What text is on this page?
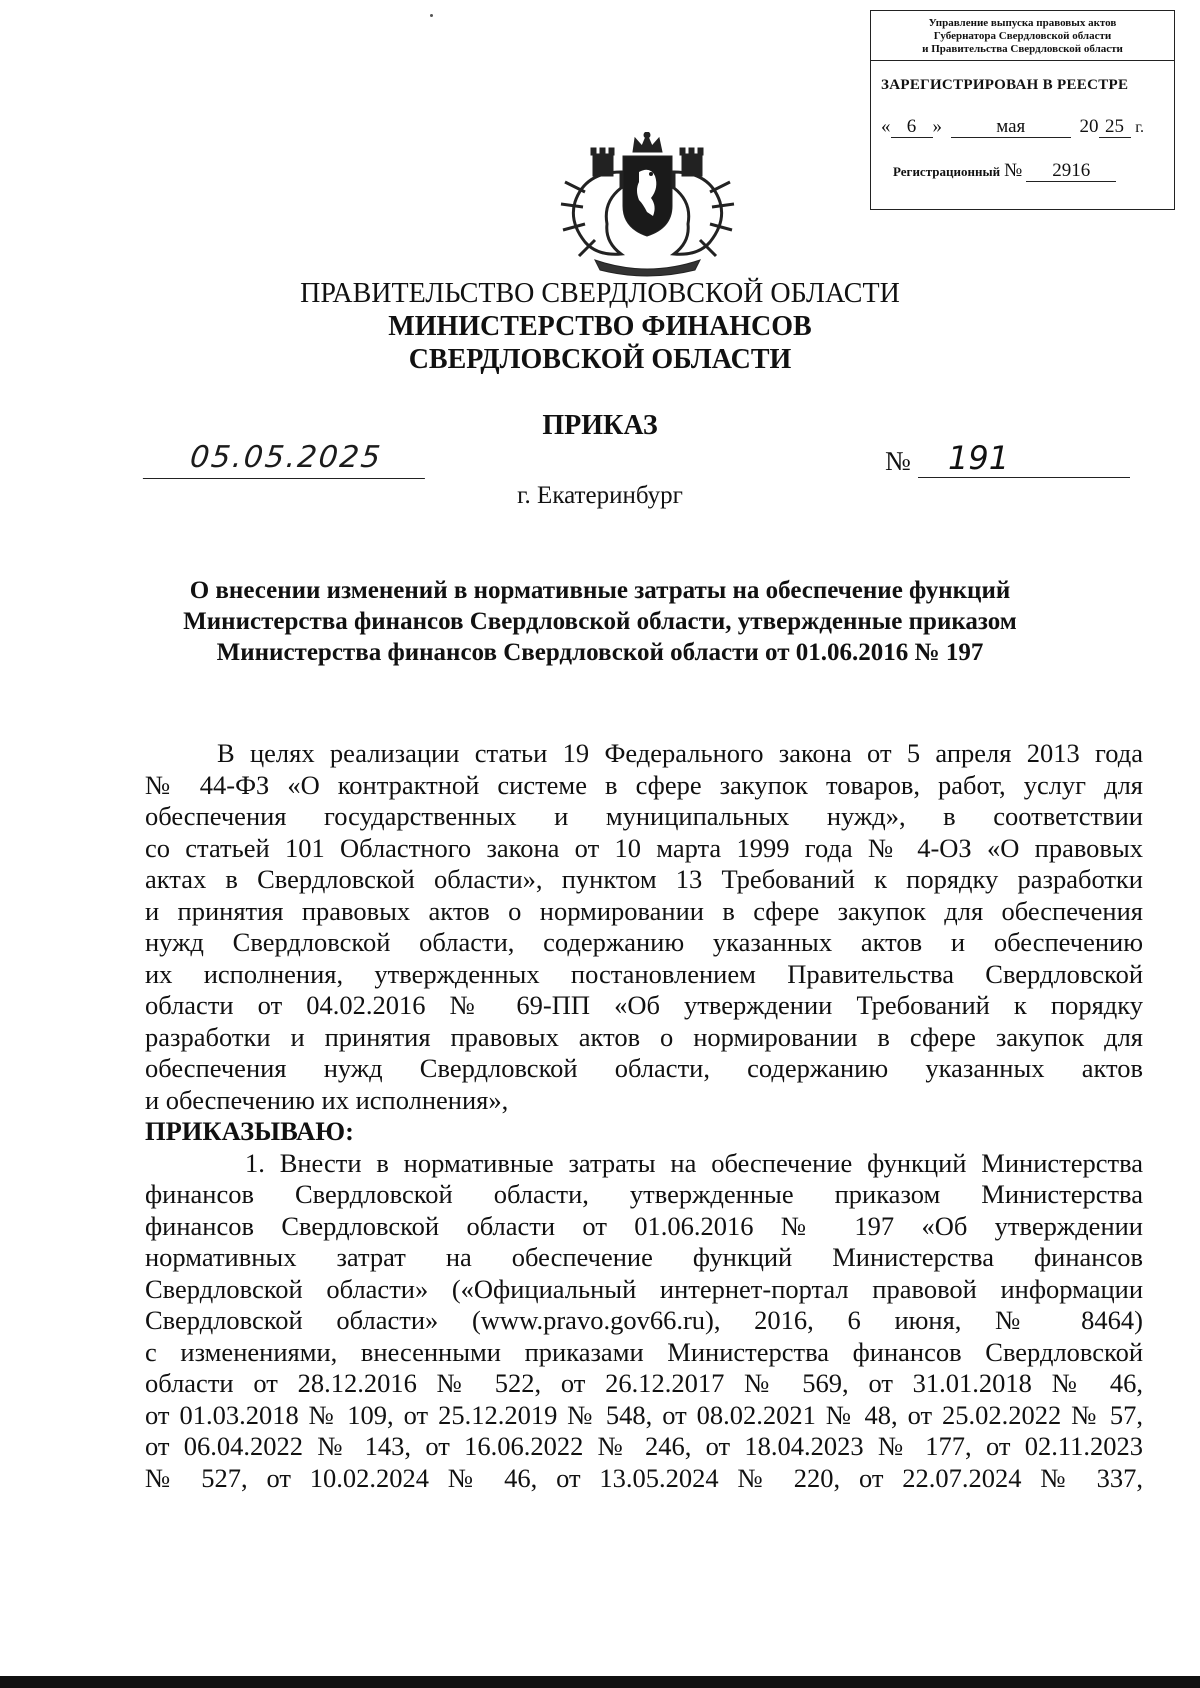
Управление выпуска правовых актов
Губернатора Свердловской области
и Правительства Свердловской области
ЗАРЕГИСТРИРОВАН В РЕЕСТРЕ
« 6 »	мая	20 25 г.
Регистрационный № 2916
ПРАВИТЕЛЬСТВО СВЕРДЛОВСКОЙ ОБЛАСТИ
МИНИСТЕРСТВО ФИНАНСОВ
СВЕРДЛОВСКОЙ ОБЛАСТИ
ПРИКАЗ
05.05.2025	№	191
г. Екатеринбург
О внесении изменений в нормативные затраты на обеспечение функций
Министерства финансов Свердловской области, утвержденные приказом
Министерства финансов Свердловской области от 01.06.2016 № 197

В целях реализации статьи 19 Федерального закона от 5 апреля 2013 года
№ 44-ФЗ «О контрактной системе в сфере закупок товаров, работ, услуг для
обеспечения государственных и муниципальных нужд», в соответствии
со статьей 101 Областного закона от 10 марта 1999 года № 4-ОЗ «О правовых
актах в Свердловской области», пунктом 13 Требований к порядку разработки
и принятия правовых актов о нормировании в сфере закупок для обеспечения
нужд Свердловской области, содержанию указанных актов и обеспечению
их исполнения, утвержденных постановлением Правительства Свердловской
области от 04.02.2016 № 69-ПП «Об утверждении Требований к порядку
разработки и принятия правовых актов о нормировании в сфере закупок для
обеспечения нужд Свердловской области, содержанию указанных актов
и обеспечению их исполнения»,

ПРИКАЗЫВАЮ:

1. Внести в нормативные затраты на обеспечение функций Министерства
финансов Свердловской области, утвержденные приказом Министерства
финансов Свердловской области от 01.06.2016 № 197 «Об утверждении
нормативных затрат на обеспечение функций Министерства финансов
Свердловской области» («Официальный интернет-портал правовой информации
Свердловской области» (www.pravo.gov66.ru), 2016, 6 июня, № 8464)
с изменениями, внесенными приказами Министерства финансов Свердловской
области от 28.12.2016 № 522, от 26.12.2017 № 569, от 31.01.2018 № 46,
от 01.03.2018 № 109, от 25.12.2019 № 548, от 08.02.2021 № 48, от 25.02.2022 № 57,
от 06.04.2022 № 143, от 16.06.2022 № 246, от 18.04.2023 № 177, от 02.11.2023
№ 527, от 10.02.2024 № 46, от 13.05.2024 № 220, от 22.07.2024 № 337,
